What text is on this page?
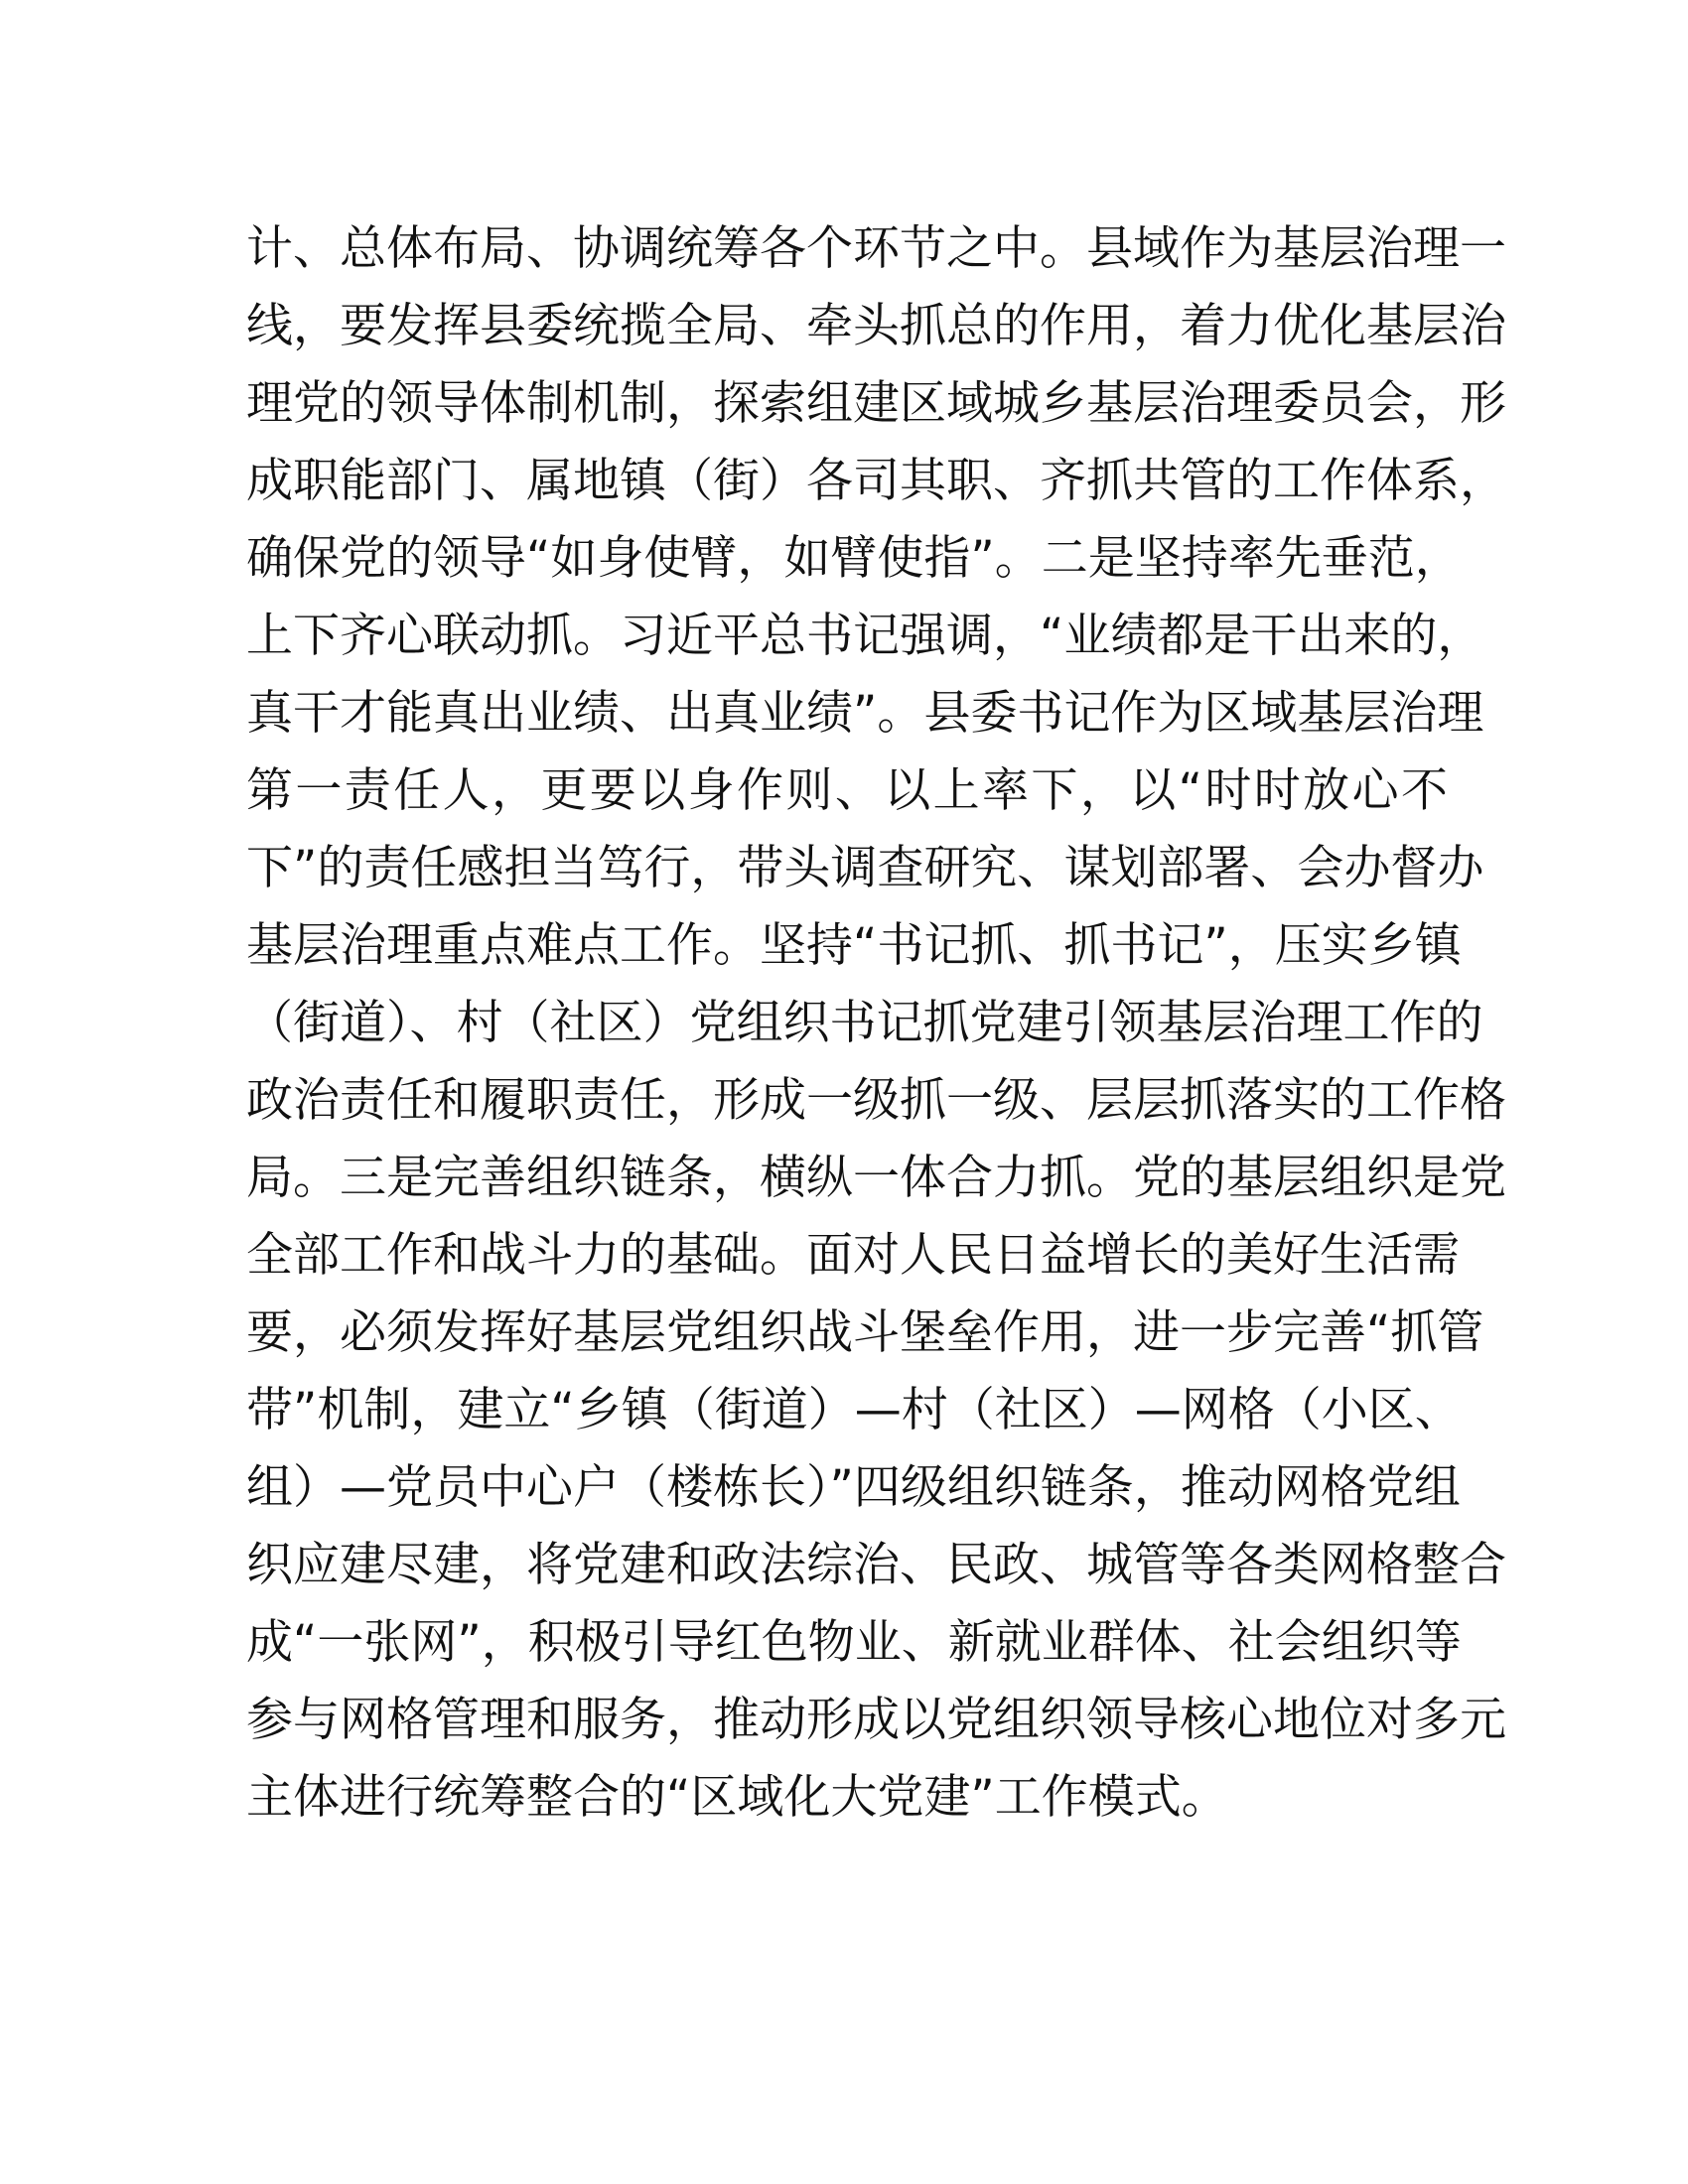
计、总体布局、协调统筹各个环节之中。县域作为基层治理一
线，要发挥县委统揽全局、牵头抓总的作用，着力优化基层治
理党的领导体制机制，探索组建区域城乡基层治理委员会，形
成职能部门、属地镇（街）各司其职、齐抓共管的工作体系，
确保党的领导“如身使臂，如臂使指”。二是坚持率先垂范，
上下齐心联动抓。习近平总书记强调，“业绩都是干出来的，
真干才能真出业绩、出真业绩”。县委书记作为区域基层治理
第一责任人，更要以身作则、以上率下，以“时时放心不
下”的责任感担当笃行，带头调查研究、谋划部署、会办督办
基层治理重点难点工作。坚持“书记抓、抓书记”，压实乡镇
（街道）、村（社区）党组织书记抓党建引领基层治理工作的
政治责任和履职责任，形成一级抓一级、层层抓落实的工作格
局。三是完善组织链条，横纵一体合力抓。党的基层组织是党
全部工作和战斗力的基础。面对人民日益增长的美好生活需
要，必须发挥好基层党组织战斗堡垒作用，进一步完善“抓管
带”机制，建立“乡镇（街道）—村（社区）—网格（小区、
组）—党员中心户（楼栋长）”四级组织链条，推动网格党组
织应建尽建，将党建和政法综治、民政、城管等各类网格整合
成“一张网”，积极引导红色物业、新就业群体、社会组织等
参与网格管理和服务，推动形成以党组织领导核心地位对多元
主体进行统筹整合的“区域化大党建”工作模式。
